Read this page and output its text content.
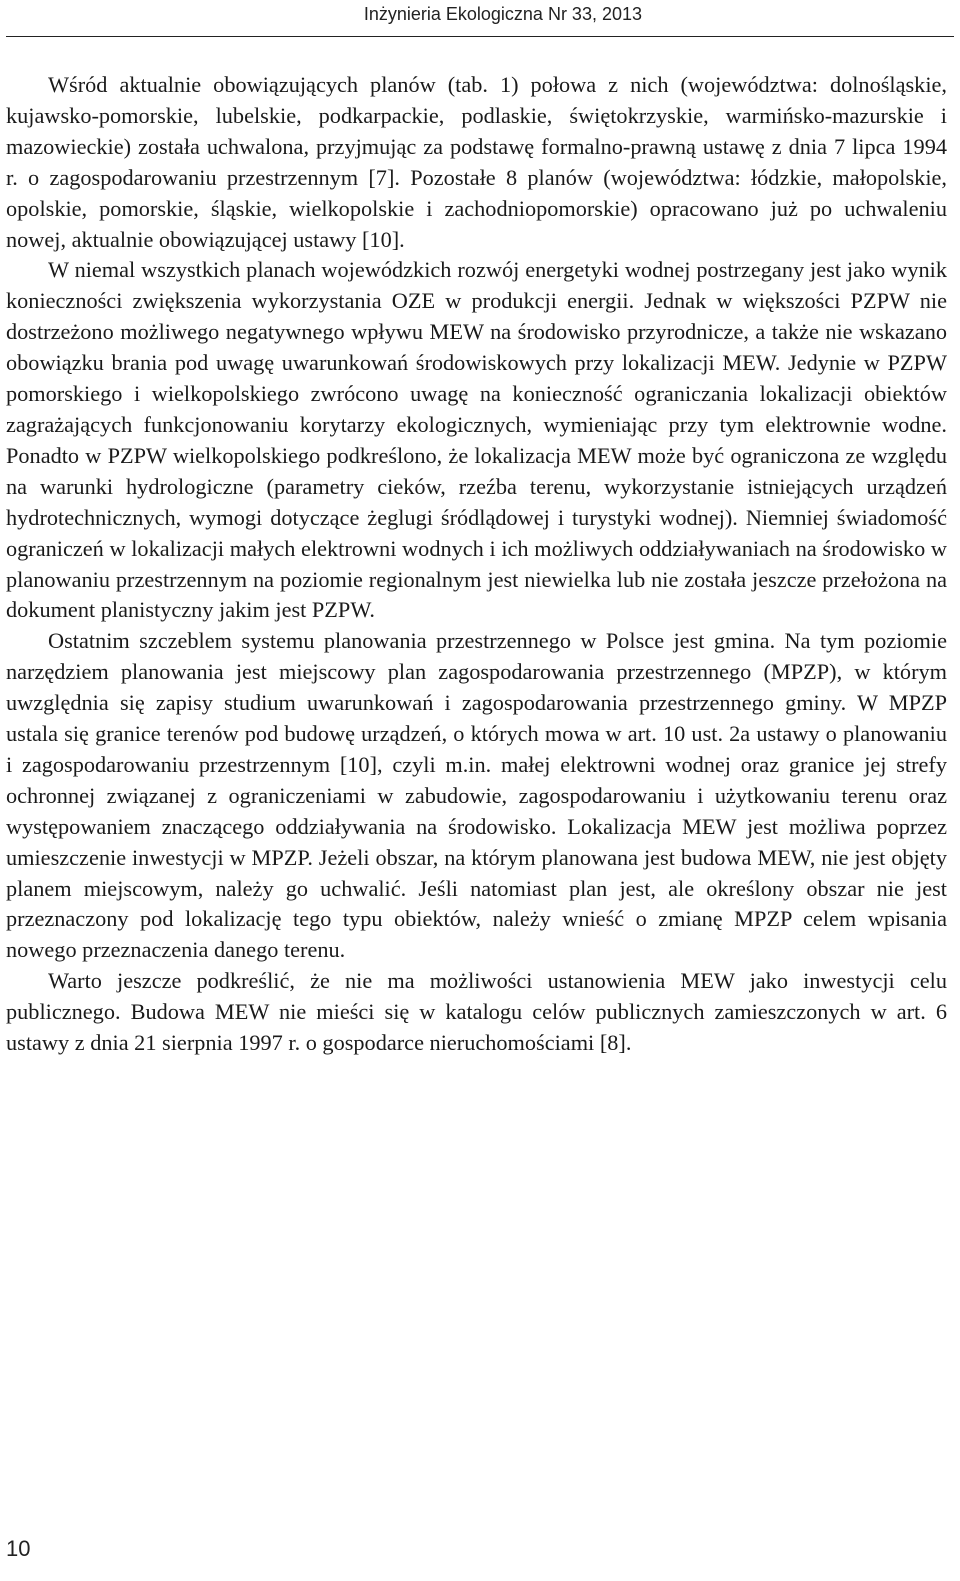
Inżynieria Ekologiczna Nr 33, 2013

Wśród aktualnie obowiązujących planów (tab. 1) połowa z nich (województwa: dolnośląskie, kujawsko-pomorskie, lubelskie, podkarpackie, podlaskie, świętokrzyskie, warmińsko-mazurskie i mazowieckie) została uchwalona, przyjmując za podstawę formalno-prawną ustawę z dnia 7 lipca 1994 r. o zagospodarowaniu przestrzennym [7]. Pozostałe 8 planów (województwa: łódzkie, małopolskie, opolskie, pomorskie, śląskie, wielkopolskie i zachodniopomorskie) opracowano już po uchwaleniu nowej, aktualnie obowiązującej ustawy [10].

W niemal wszystkich planach wojewódzkich rozwój energetyki wodnej postrzegany jest jako wynik konieczności zwiększenia wykorzystania OZE w produkcji energii. Jednak w większości PZPW nie dostrzeżono możliwego negatywnego wpływu MEW na środowisko przyrodnicze, a także nie wskazano obowiązku brania pod uwagę uwarunkowań środowiskowych przy lokalizacji MEW. Jedynie w PZPW pomorskiego i wielkopolskiego zwrócono uwagę na konieczność ograniczania lokalizacji obiektów zagrażających funkcjonowaniu korytarzy ekologicznych, wymieniając przy tym elektrownie wodne. Ponadto w PZPW wielkopolskiego podkreślono, że lokalizacja MEW może być ograniczona ze względu na warunki hydrologiczne (parametry cieków, rzeźba terenu, wykorzystanie istniejących urządzeń hydrotechnicznych, wymogi dotyczące żeglugi śródlądowej i turystyki wodnej). Niemniej świadomość ograniczeń w lokalizacji małych elektrowni wodnych i ich możliwych oddziaływaniach na środowisko w planowaniu przestrzennym na poziomie regionalnym jest niewielka lub nie została jeszcze przełożona na dokument planistyczny jakim jest PZPW.

Ostatnim szczeblem systemu planowania przestrzennego w Polsce jest gmina. Na tym poziomie narzędziem planowania jest miejscowy plan zagospodarowania przestrzennego (MPZP), w którym uwzględnia się zapisy studium uwarunkowań i zagospodarowania przestrzennego gminy. W MPZP ustala się granice terenów pod budowę urządzeń, o których mowa w art. 10 ust. 2a ustawy o planowaniu i zagospodarowaniu przestrzennym [10], czyli m.in. małej elektrowni wodnej oraz granice jej strefy ochronnej związanej z ograniczeniami w zabudowie, zagospodarowaniu i użytkowaniu terenu oraz występowaniem znaczącego oddziaływania na środowisko. Lokalizacja MEW jest możliwa poprzez umieszczenie inwestycji w MPZP. Jeżeli obszar, na którym planowana jest budowa MEW, nie jest objęty planem miejscowym, należy go uchwalić. Jeśli natomiast plan jest, ale określony obszar nie jest przeznaczony pod lokalizację tego typu obiektów, należy wnieść o zmianę MPZP celem wpisania nowego przeznaczenia danego terenu.

Warto jeszcze podkreślić, że nie ma możliwości ustanowienia MEW jako inwestycji celu publicznego. Budowa MEW nie mieści się w katalogu celów publicznych zamieszczonych w art. 6 ustawy z dnia 21 sierpnia 1997 r. o gospodarce nieruchomościami [8].

10
